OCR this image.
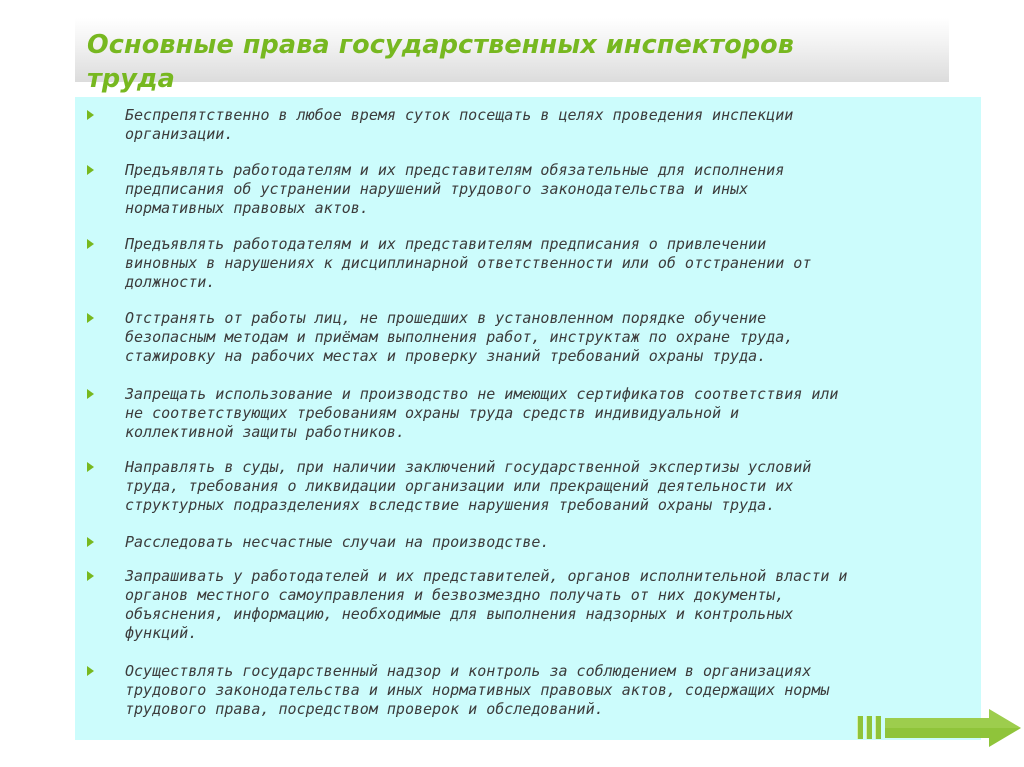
Основные права государственных инспекторов
труда
Беспрепятственно в любое время суток посещать в целях проведения инспекции
организации.
Предъявлять работодателям и их представителям обязательные для исполнения
предписания об устранении нарушений трудового законодательства и иных
нормативных правовых актов.
Предъявлять работодателям и их представителям предписания о привлечении
виновных в нарушениях к дисциплинарной ответственности или об отстранении от
должности.
Отстранять от работы лиц, не прошедших в установленном порядке обучение
безопасным методам и приёмам выполнения работ, инструктаж по охране труда,
стажировку на рабочих местах и проверку знаний требований охраны труда.
Запрещать использование и производство не имеющих сертификатов соответствия или
не соответствующих требованиям охраны труда средств индивидуальной и
коллективной защиты работников.
Направлять в суды, при наличии заключений государственной экспертизы условий
труда, требования о ликвидации организации или прекращений деятельности их
структурных подразделениях вследствие нарушения требований охраны труда.
Расследовать несчастные случаи на производстве.
Запрашивать у работодателей и их представителей, органов исполнительной власти и
органов местного самоуправления и безвозмездно получать от них документы,
объяснения, информацию, необходимые для выполнения надзорных и контрольных
функций.
Осуществлять государственный надзор и контроль за соблюдением в организациях
трудового законодательства и иных нормативных правовых актов, содержащих нормы
трудового права, посредством проверок и обследований.
